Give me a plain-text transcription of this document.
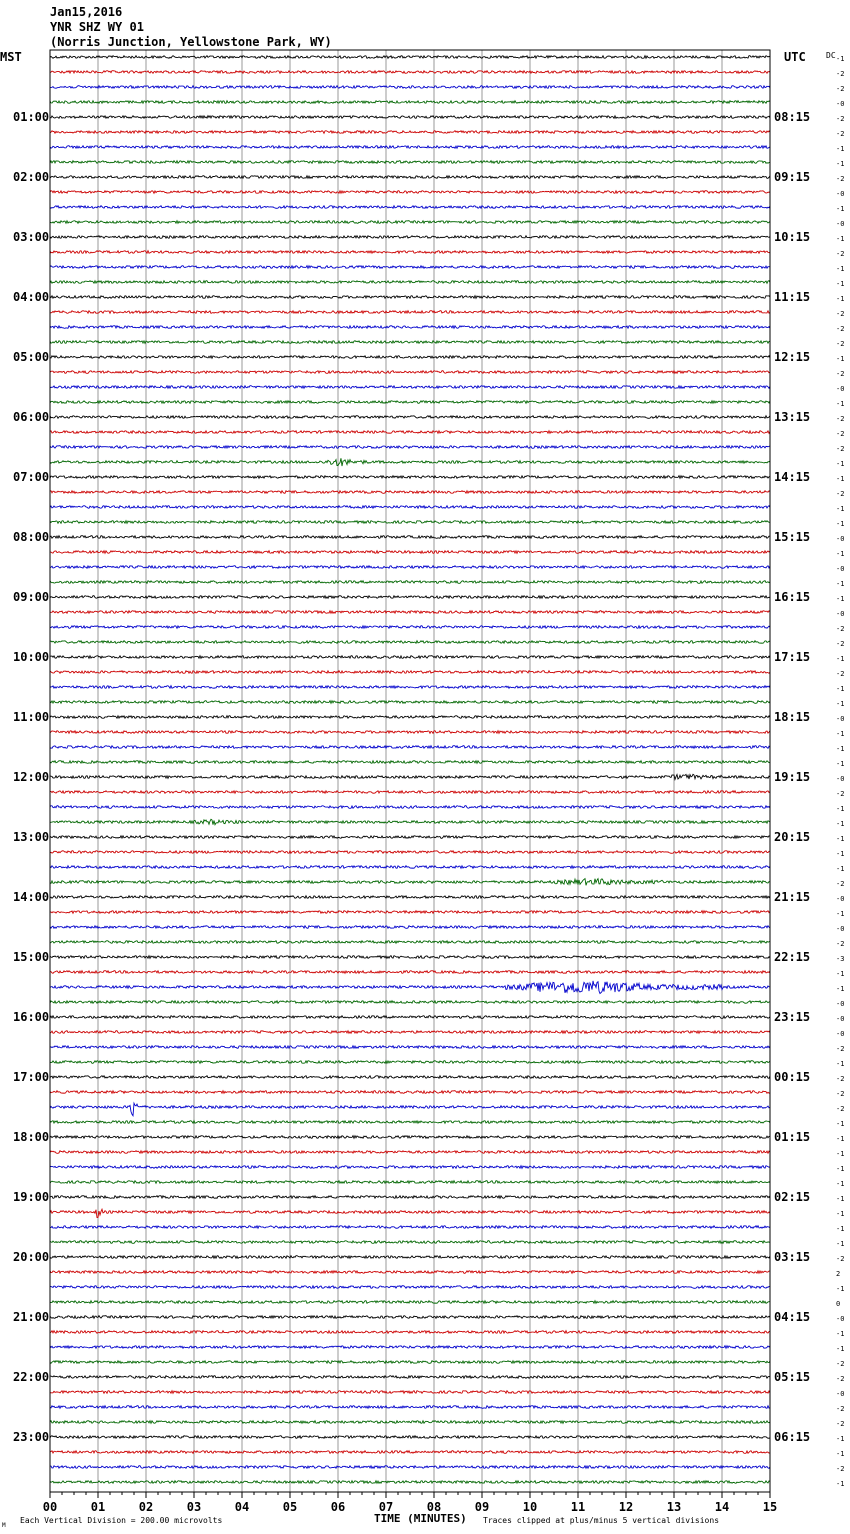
Jan15,2016
YNR SHZ WY 01
(Norris Junction, Yellowstone Park, WY)
MST	UTC	DC
01:00
02:00
03:00
04:00
05:00
06:00
07:00
08:00
09:00
10:00
11:00
12:00
13:00
14:00
15:00
16:00
17:00
18:00
19:00
20:00
21:00
22:00
23:00
08:15
09:15
10:15
11:15
12:15
13:15
14:15
15:15
16:15
17:15
18:15
19:15
20:15
21:15
22:15
23:15
00:15
01:15
02:15
03:15
04:15
05:15
06:15
-1
-2
-2
-0
-2
-2
-1
-1
-2
-0
-1
-0
-1
-2
-1
-1
-1
-2
-2
-2
-1
-2
-0
-1
-2
-2
-2
-1
-1
-2
-1
-1
-0
-1
-0
-1
-1
-0
-2
-2
-1
-2
-1
-1
-0
-1
-1
-1
-0
-2
-1
-1
-1
-1
-1
-2
-0
-1
-0
-2
-3
-1
-1
-0
-0
-0
-2
-1
-2
-2
-2
-1
-1
-1
-1
-1
-1
-1
-1
-1
-2
2
-1
0
-0
-1
-1
-2
-2
-0
-2
-2
-1
-1
-2
-1
00	01	02	03	04	05	06	07	08	09	10	11	12	13	14	15
TIME (MINUTES)
Each Vertical Division = 200.00 microvolts	Traces clipped at plus/minus 5 vertical divisions
M
